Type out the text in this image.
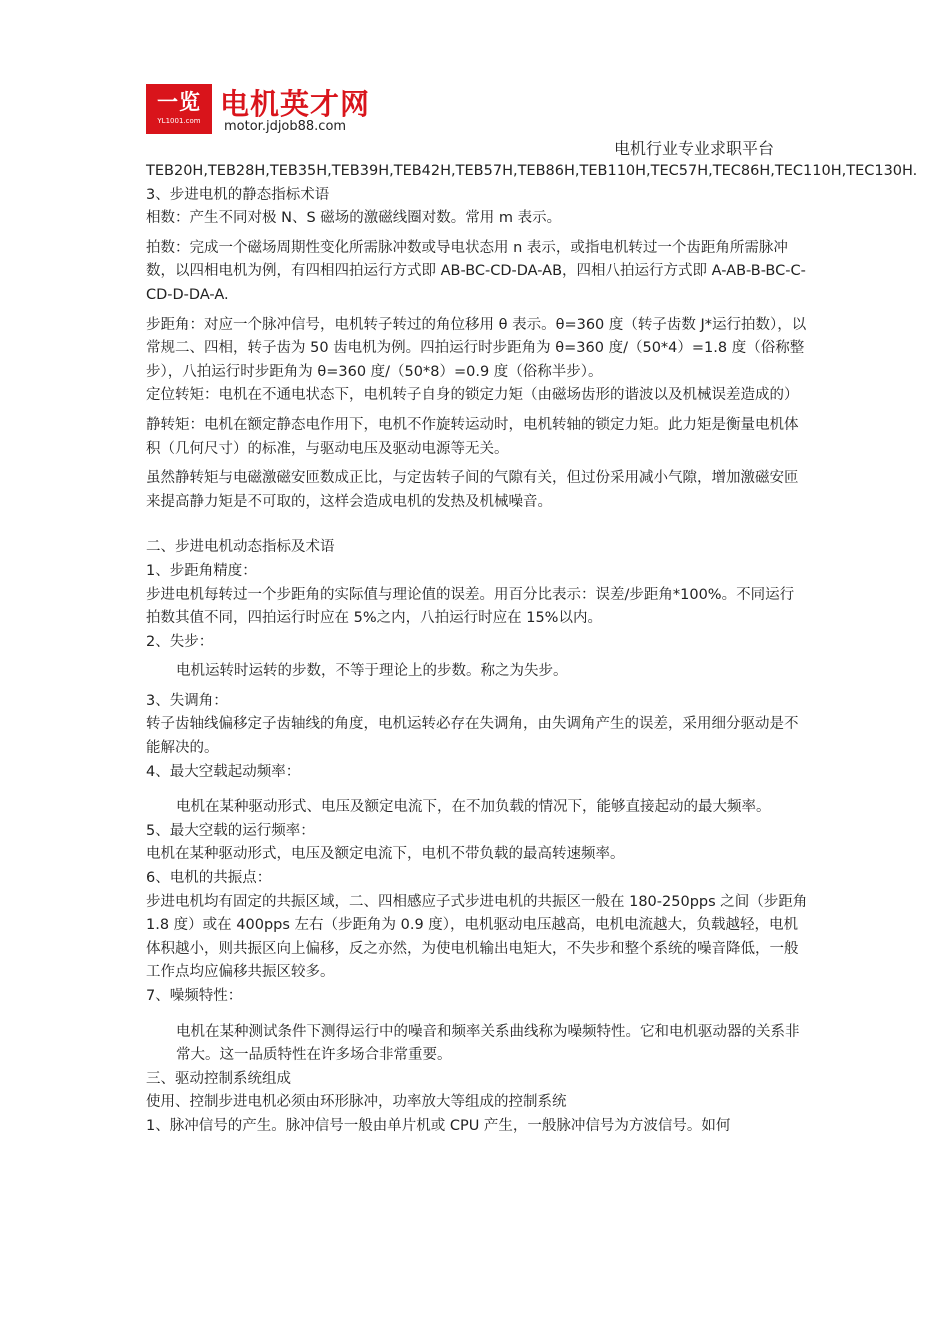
一览
YL1001.com 电机英才网
motor.jdjob88.com
电机行业专业求职平台

TEB20H,TEB28H,TEB35H,TEB39H,TEB42H,TEB57H,TEB86H,TEB110H,TEC57H,TEC86H,TEC110H,TEC130H.

3、步进电机的静态指标术语

相数：产生不同对极 N、S 磁场的激磁线圈对数。常用 m 表示。

拍数：完成一个磁场周期性变化所需脉冲数或导电状态用 n 表示，或指电机转过一个齿距角所需脉冲数，以四相电机为例，有四相四拍运行方式即 AB-BC-CD-DA-AB，四相八拍运行方式即 A-AB-B-BC-C-CD-D-DA-A.

步距角：对应一个脉冲信号，电机转子转过的角位移用 θ 表示。θ=360 度（转子齿数 J*运行拍数），以常规二、四相，转子齿为 50 齿电机为例。四拍运行时步距角为 θ=360 度/（50*4）=1.8 度（俗称整步），八拍运行时步距角为 θ=360 度/（50*8）=0.9 度（俗称半步）。

定位转矩：电机在不通电状态下，电机转子自身的锁定力矩（由磁场齿形的谐波以及机械误差造成的）

静转矩：电机在额定静态电作用下，电机不作旋转运动时，电机转轴的锁定力矩。此力矩是衡量电机体积（几何尺寸）的标准，与驱动电压及驱动电源等无关。

虽然静转矩与电磁激磁安匝数成正比，与定齿转子间的气隙有关，但过份采用减小气隙，增加激磁安匝来提高静力矩是不可取的，这样会造成电机的发热及机械噪音。

二、步进电机动态指标及术语

1、步距角精度：

步进电机每转过一个步距角的实际值与理论值的误差。用百分比表示：误差/步距角*100%。不同运行拍数其值不同，四拍运行时应在 5%之内，八拍运行时应在 15%以内。

2、失步：

电机运转时运转的步数，不等于理论上的步数。称之为失步。

3、失调角：

转子齿轴线偏移定子齿轴线的角度，电机运转必存在失调角，由失调角产生的误差，采用细分驱动是不能解决的。

4、最大空载起动频率：

电机在某种驱动形式、电压及额定电流下，在不加负载的情况下，能够直接起动的最大频率。

5、最大空载的运行频率：

电机在某种驱动形式，电压及额定电流下，电机不带负载的最高转速频率。

6、电机的共振点：

步进电机均有固定的共振区域，二、四相感应子式步进电机的共振区一般在 180-250pps 之间（步距角 1.8 度）或在 400pps 左右（步距角为 0.9 度），电机驱动电压越高，电机电流越大，负载越轻，电机体积越小，则共振区向上偏移，反之亦然，为使电机输出电矩大，不失步和整个系统的噪音降低，一般工作点均应偏移共振区较多。

7、噪频特性：

电机在某种测试条件下测得运行中的噪音和频率关系曲线称为噪频特性。它和电机驱动器的关系非常大。这一品质特性在许多场合非常重要。

三、驱动控制系统组成

使用、控制步进电机必须由环形脉冲，功率放大等组成的控制系统

1、脉冲信号的产生。脉冲信号一般由单片机或 CPU 产生，一般脉冲信号为方波信号。如何
